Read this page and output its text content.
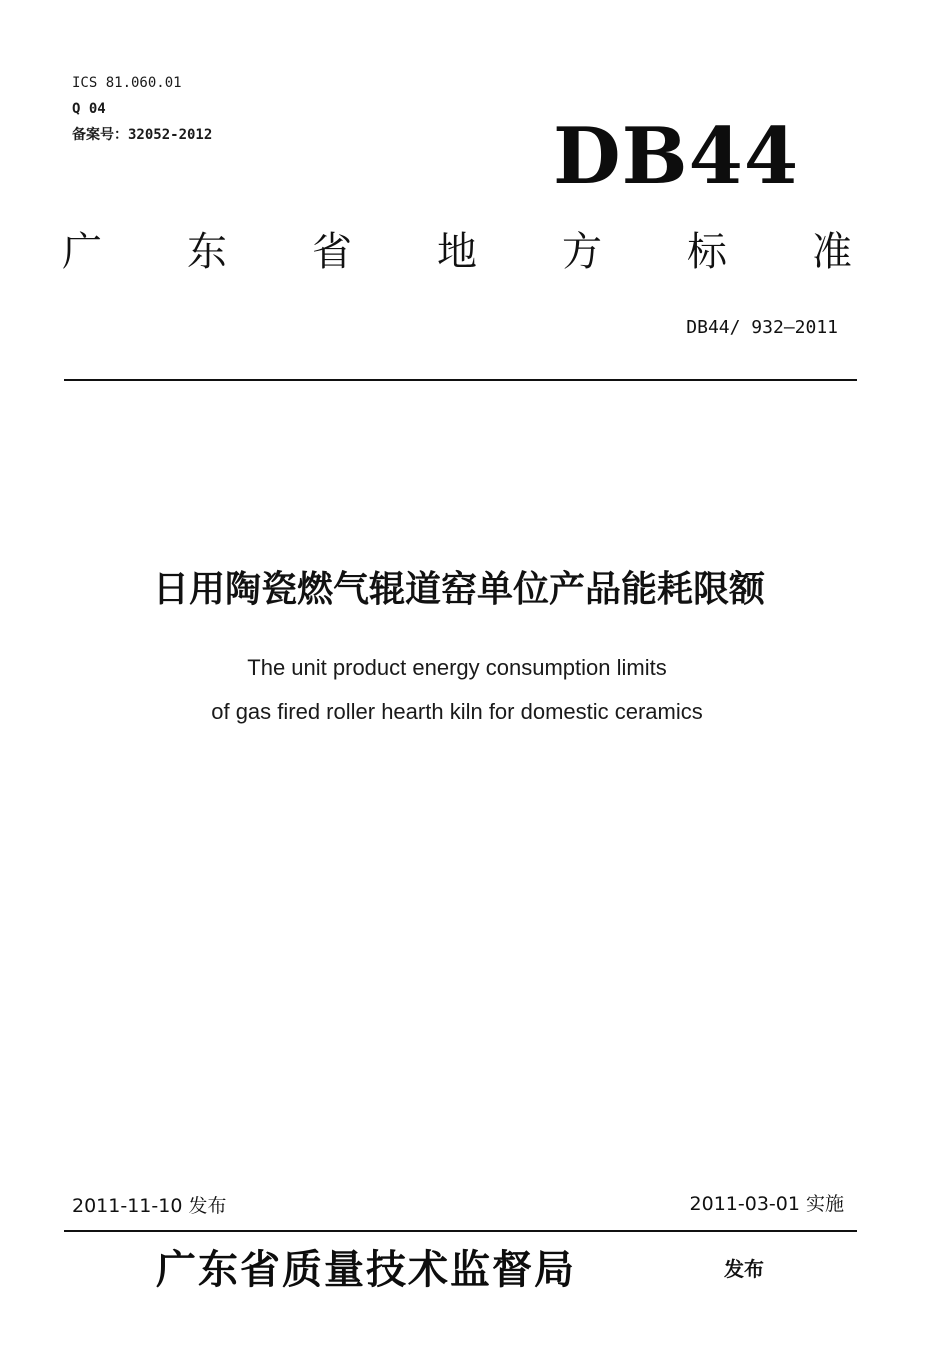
ICS 81.060.01
Q 04
备案号：32052-2012	DB44
广 东 省 地 方 标 准
DB44/ 932—2011
日用陶瓷燃气辊道窑单位产品能耗限额
The unit product energy consumption limits
of gas fired roller hearth kiln for domestic ceramics
2011-11-10 发布	2011-03-01 实施
广东省质量技术监督局	发布
